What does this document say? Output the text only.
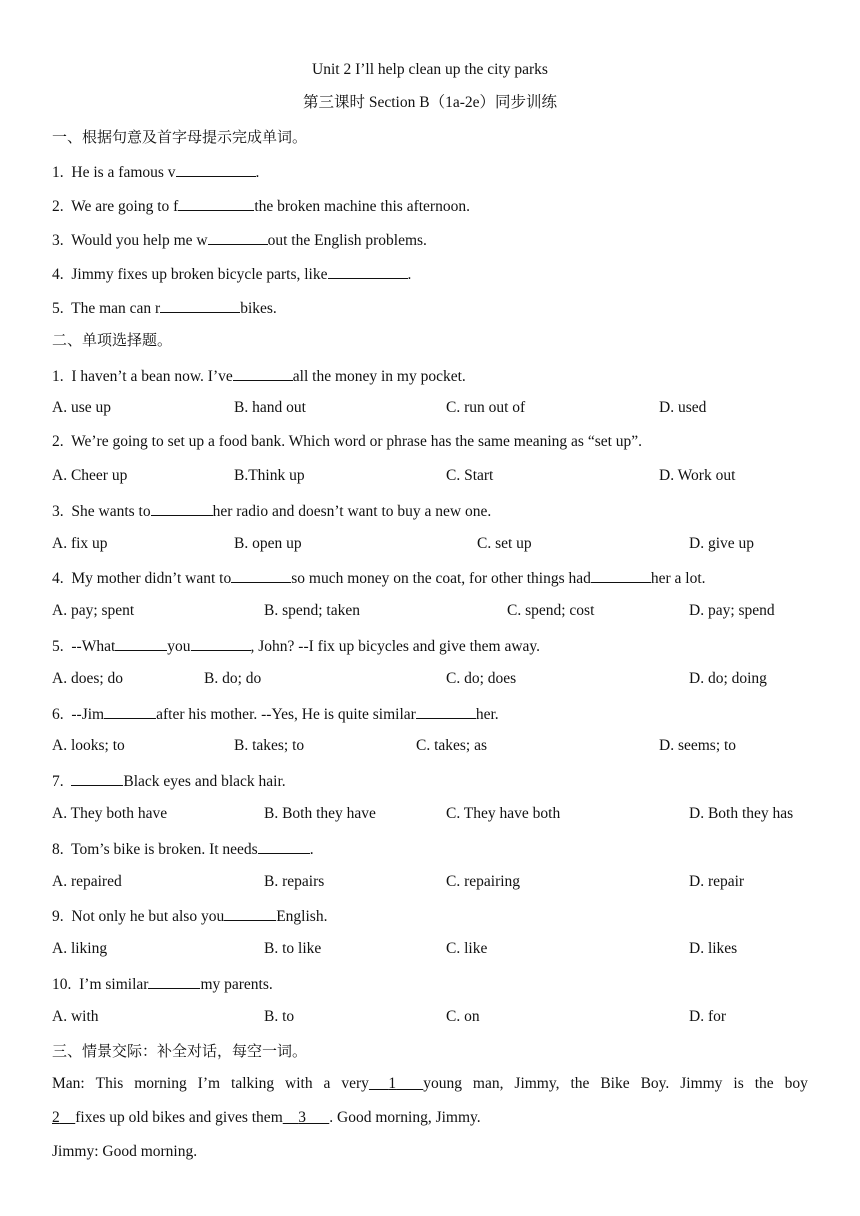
Unit 2 I’ll help clean up the city parks
第三课时 Section B（1a-2e）同步训练
一、根据句意及首字母提示完成单词。
1. He is a famous v	.
2. We are going to f	the broken machine this afternoon.
3. Would you help me w	out the English problems.
4. Jimmy fixes up broken bicycle parts, like	.
5. The man can r	bikes.
二、单项选择题。
1. I haven’t a bean now. I’ve	all the money in my pocket.
A. use up	B. hand out	C. run out of	D. used
2. We’re going to set up a food bank. Which word or phrase has the same meaning as “set up”.
A. Cheer up	B.Think up	C. Start	D. Work out
3. She wants to	her radio and doesn’t want to buy a new one.
A. fix up	B. open up	C. set up	D. give up
4. My mother didn’t want to	so much money on the coat, for other things had	her a lot.
A. pay; spent	B. spend; taken	C. spend; cost	D. pay; spend
5. --What	you	, John? --I fix up bicycles and give them away.
A. does; do	B. do; do	C. do; does	D. do; doing
6. --Jim	after his mother. --Yes, He is quite similar	her.
A. looks; to	B. takes; to	C. takes; as	D. seems; to
7.	Black eyes and black hair.
A. They both have	B. Both they have	C. They have both	D. Both they has
8. Tom’s bike is broken. It needs	.
A. repaired	B. repairs	C. repairing	D. repair
9. Not only he but also you	English.
A. liking	B. to like	C. like	D. likes
10. I’m similar	my parents.
A. with	B. to	C. on	D. for
三、情景交际：补全对话，每空一词。
Man: This morning I’m talking with a very 1 young man, Jimmy, the Bike Boy. Jimmy is the boy
2 fixes up old bikes and gives them 3 . Good morning, Jimmy.
Jimmy: Good morning.
